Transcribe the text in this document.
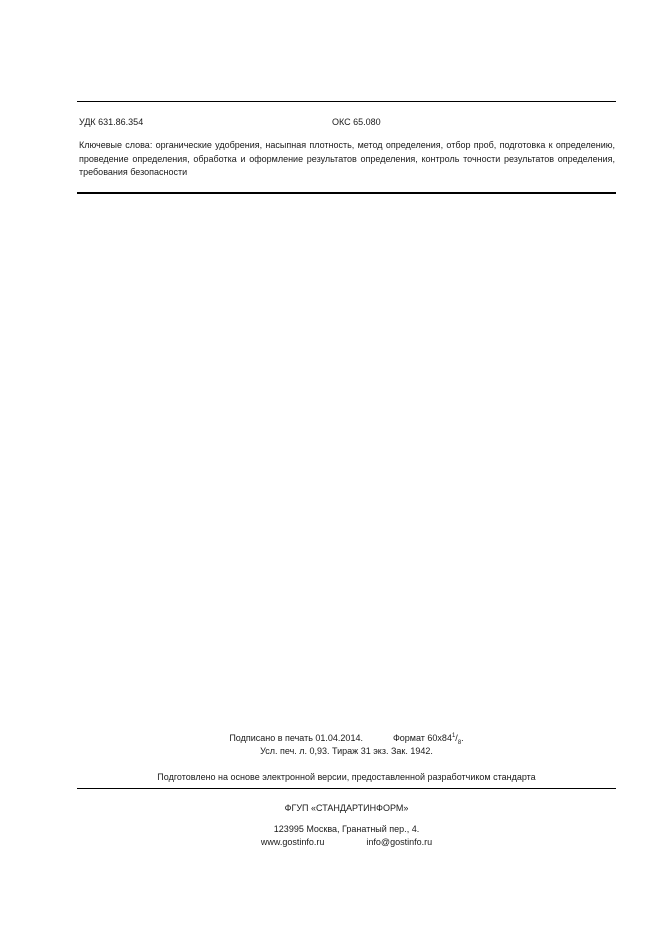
УДК 631.86.354	ОКС 65.080

Ключевые слова: органические удобрения, насыпная плотность, метод определения, отбор проб, подготовка к определению, проведение определения, обработка и оформление результатов определения, контроль точности результатов определения, требования безопасности

Подписано в печать 01.04.2014.	Формат $60x84^1/_8$.
Усл. печ. л. 0,93. Тираж 31 экз. Зак. 1942.
Подготовлено на основе электронной версии, предоставленной разработчиком стандарта
ФГУП «СТАНДАРТИНФОРМ»
123995 Москва, Гранатный пер., 4.
www.gostinfo.ru	info@gostinfo.ru
